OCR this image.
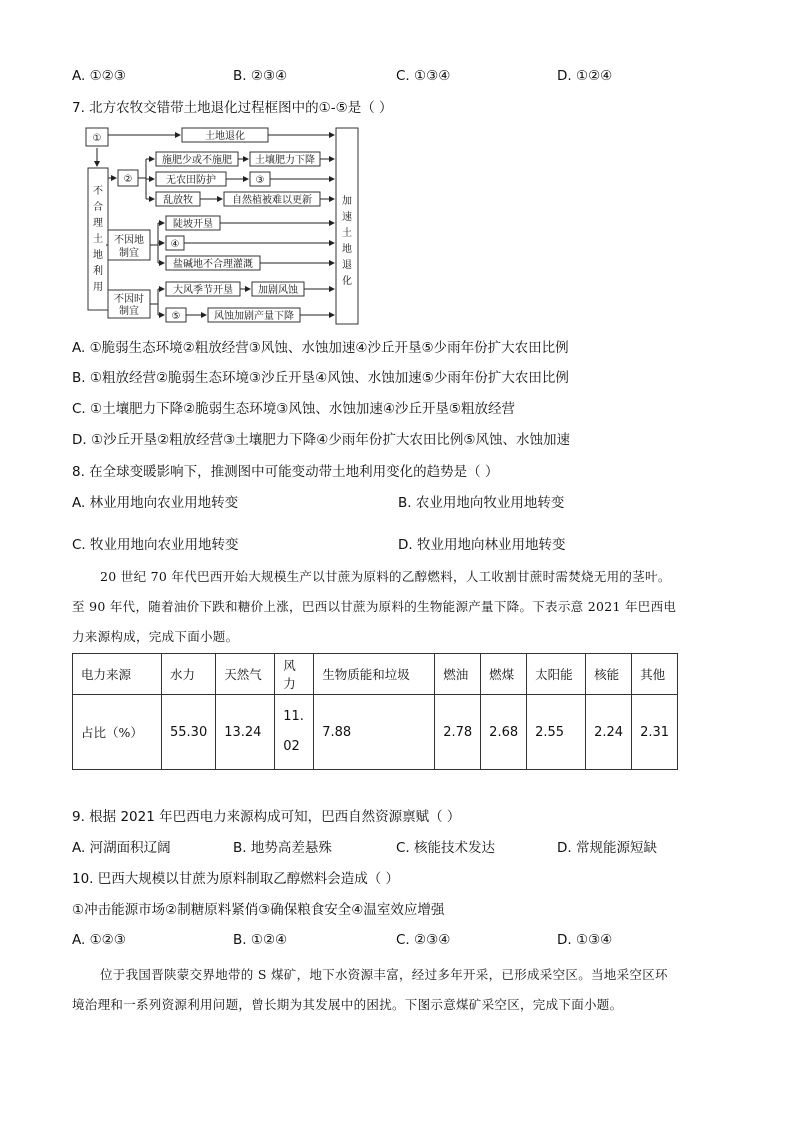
A. ①②③	B. ②③④	C. ①③④	D. ①②④
7. 北方农牧交错带土地退化过程框图中的①-⑤是（ ）
①	土地退化
②
施肥少或不施肥 土壤肥力下降
无农田防护	③
乱放牧	自然植被难以更新
不因地
制宜
陡坡开垦
④
盐碱地不合理灌溉
不因时
制宜
大风季节开垦	加剧风蚀
⑤	风蚀加剧产量下降
不
合
理
土
地
利
用
加
速
土
地
退
化
A. ①脆弱生态环境②粗放经营③风蚀、水蚀加速④沙丘开垦⑤少雨年份扩大农田比例
B. ①粗放经营②脆弱生态环境③沙丘开垦④风蚀、水蚀加速⑤少雨年份扩大农田比例
C. ①土壤肥力下降②脆弱生态环境③风蚀、水蚀加速④沙丘开垦⑤粗放经营
D. ①沙丘开垦②粗放经营③土壤肥力下降④少雨年份扩大农田比例⑤风蚀、水蚀加速
8. 在全球变暖影响下，推测图中可能变动带土地利用变化的趋势是（ ）
A. 林业用地向农业用地转变	B. 农业用地向牧业用地转变
C. 牧业用地向农业用地转变	D. 牧业用地向林业用地转变
20 世纪 70 年代巴西开始大规模生产以甘蔗为原料的乙醇燃料，人工收割甘蔗时需焚烧无用的茎叶。
至 90 年代，随着油价下跌和糖价上涨，巴西以甘蔗为原料的生物能源产量下降。下表示意 2021 年巴西电
力来源构成，完成下面小题。
电力来源	水力	天然气	风力	生物质能和垃圾	燃油	燃煤	太阳能	核能	其他
占比（%）	55.30	13.24	11.02	7.88	2.78	2.68	2.55	2.24	2.31
9. 根据 2021 年巴西电力来源构成可知，巴西自然资源禀赋（ ）
A. 河湖面积辽阔	B. 地势高差悬殊	C. 核能技术发达	D. 常规能源短缺
10. 巴西大规模以甘蔗为原料制取乙醇燃料会造成（ ）
①冲击能源市场②制糖原料紧俏③确保粮食安全④温室效应增强
A. ①②③	B. ①②④	C. ②③④	D. ①③④
位于我国晋陕蒙交界地带的 S 煤矿，地下水资源丰富，经过多年开采，已形成采空区。当地采空区环
境治理和一系列资源利用问题，曾长期为其发展中的困扰。下图示意煤矿采空区，完成下面小题。
